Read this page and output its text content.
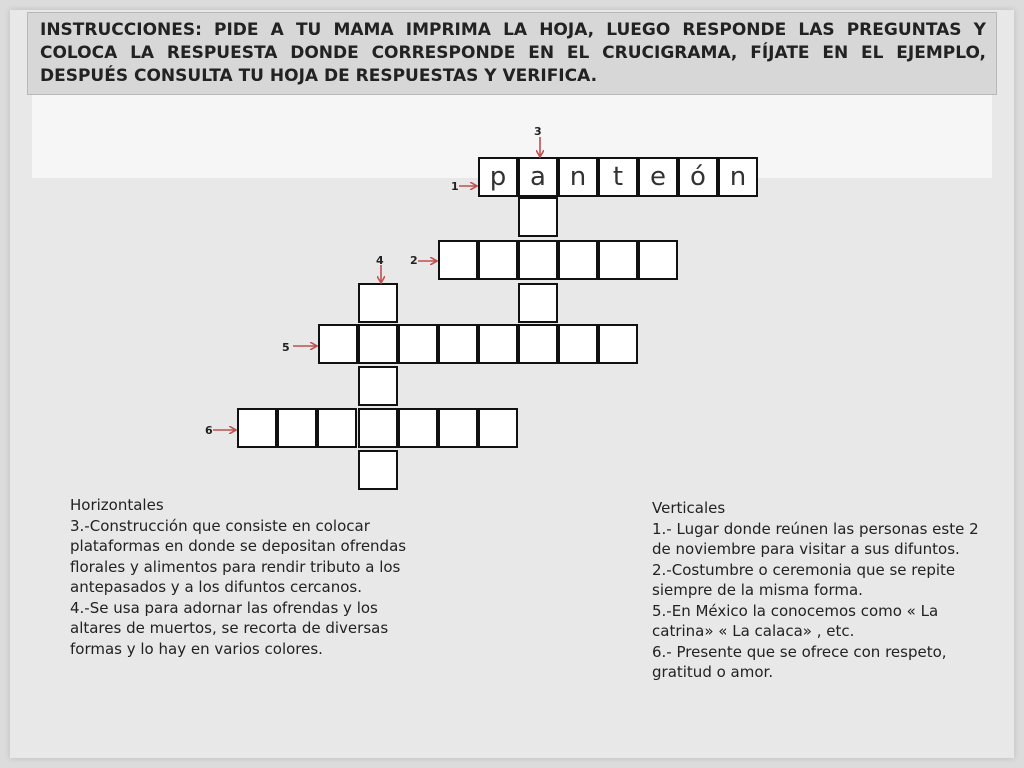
INSTRUCCIONES: PIDE A TU MAMA IMPRIMA LA HOJA, LUEGO RESPONDE LAS PREGUNTAS Y COLOCA LA RESPUESTA DONDE CORRESPONDE EN EL CRUCIGRAMA, FÍJATE EN EL EJEMPLO, DESPUÉS CONSULTA TU HOJA DE RESPUESTAS Y VERIFICA.
p a n	t	e ó n
3
1
4 2
5
6

Horizontales

3.-Construcción que consiste en colocar plataformas en donde se depositan ofrendas florales y alimentos para rendir tributo a los antepasados y a los difuntos cercanos.

4.-Se usa para adornar las ofrendas y los altares de muertos, se recorta de diversas formas y lo hay en varios colores.

Verticales

1.- Lugar donde reúnen las personas este 2 de noviembre para visitar a sus difuntos.

2.-Costumbre o ceremonia que se repite siempre de la misma forma.

5.-En México la conocemos como « La catrina» « La calaca» , etc.

6.- Presente que se ofrece con respeto, gratitud o amor.
